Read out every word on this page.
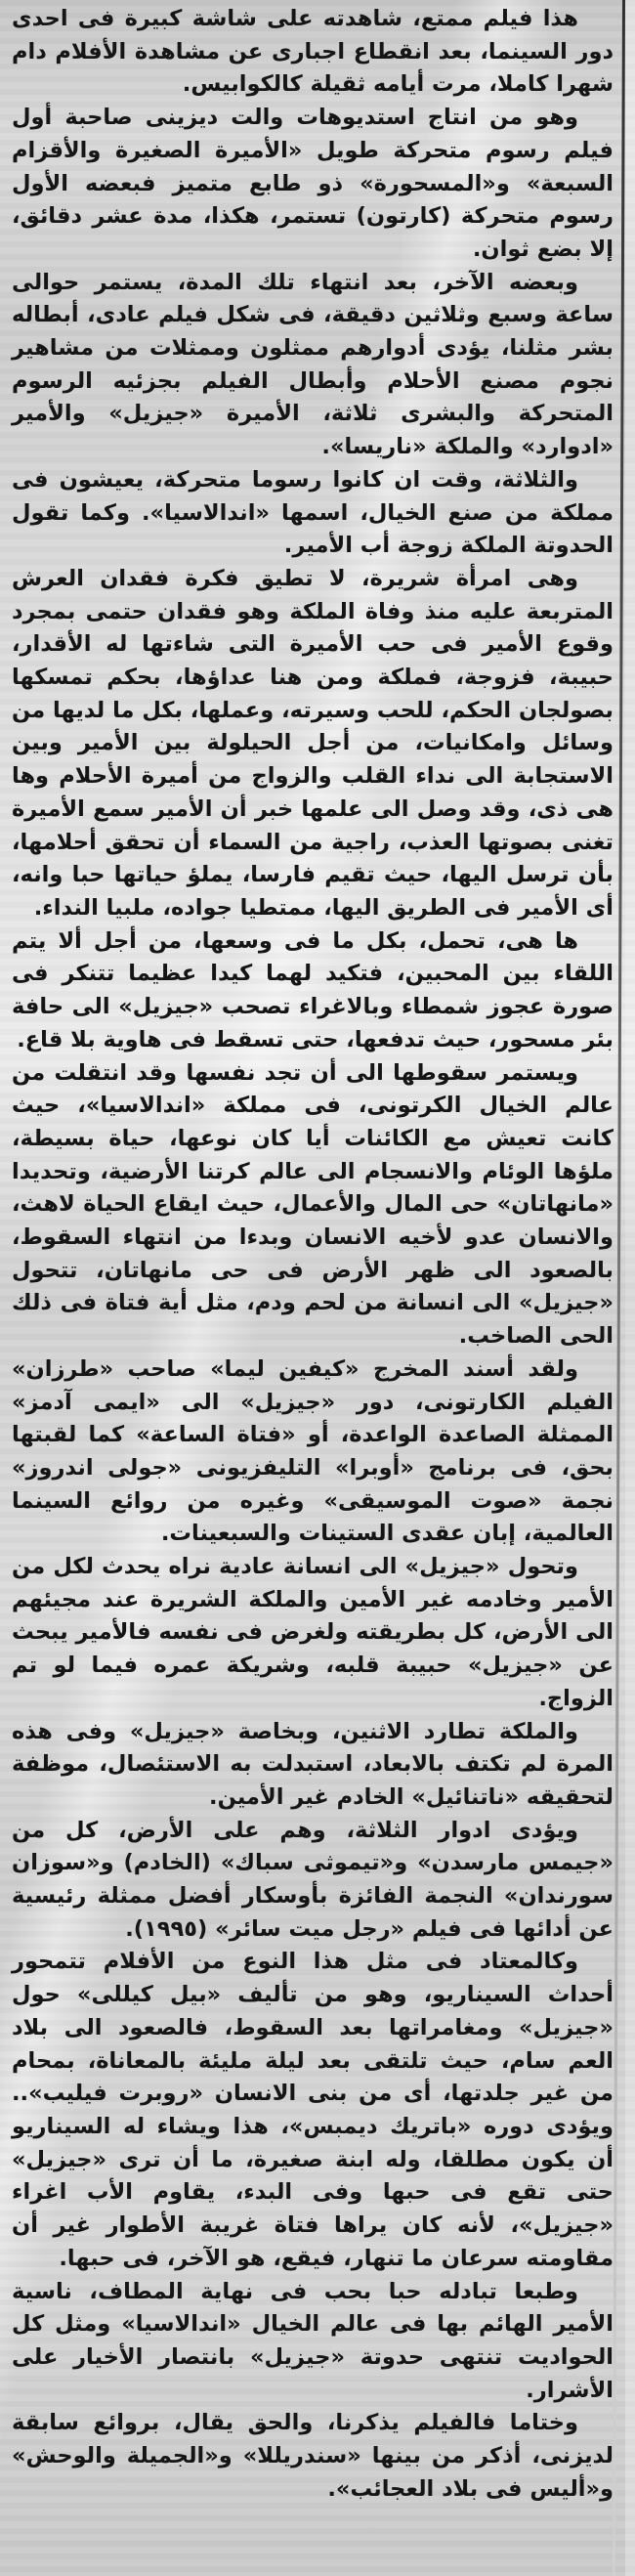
هذا فيلم ممتع، شاهدته على شاشة كبيرة فى احدى دور السينما، بعد انقطاع اجبارى عن مشاهدة الأفلام دام شهرا كاملا، مرت أيامه ثقيلة كالكوابيس.

وهو من انتاج استديوهات والت ديزينى صاحبة أول فيلم رسوم متحركة طويل «الأميرة الصغيرة والأقزام السبعة» و«المسحورة» ذو طابع متميز فبعضه الأول رسوم متحركة (كارتون) تستمر، هكذا، مدة عشر دقائق، إلا بضع ثوان.

وبعضه الآخر، بعد انتهاء تلك المدة، يستمر حوالى ساعة وسبع وثلاثين دقيقة، فى شكل فيلم عادى، أبطاله بشر مثلنا، يؤدى أدوارهم ممثلون وممثلات من مشاهير نجوم مصنع الأحلام وأبطال الفيلم بجزئيه الرسوم المتحركة والبشرى ثلاثة، الأميرة «جيزيل» والأمير «ادوارد» والملكة «ناريسا».

والثلاثة، وقت ان كانوا رسوما متحركة، يعيشون فى مملكة من صنع الخيال، اسمها «اندالاسيا». وكما تقول الحدوتة الملكة زوجة أب الأمير.

وهى امرأة شريرة، لا تطيق فكرة فقدان العرش المتربعة عليه منذ وفاة الملكة وهو فقدان حتمى بمجرد وقوع الأمير فى حب الأميرة التى شاءتها له الأقدار، حبيبة، فزوجة، فملكة ومن هنا عداؤها، بحكم تمسكها بصولجان الحكم، للحب وسيرته، وعملها، بكل ما لديها من وسائل وامكانيات، من أجل الحيلولة بين الأمير وبين الاستجابة الى نداء القلب والزواج من أميرة الأحلام وها هى ذى، وقد وصل الى علمها خبر أن الأمير سمع الأميرة تغنى بصوتها العذب، راجية من السماء أن تحقق أحلامها، بأن ترسل اليها، حيث تقيم فارسا، يملؤ حياتها حبا وانه، أى الأمير فى الطريق اليها، ممتطيا جواده، ملبيا النداء.

ها هى، تحمل، بكل ما فى وسعها، من أجل ألا يتم اللقاء بين المحبين، فتكيد لهما كيدا عظيما تتنكر فى صورة عجوز شمطاء وبالاغراء تصحب «جيزيل» الى حافة بئر مسحور، حيث تدفعها، حتى تسقط فى هاوية بلا قاع.

ويستمر سقوطها الى أن تجد نفسها وقد انتقلت من عالم الخيال الكرتونى، فى مملكة «اندالاسيا»، حيث كانت تعيش مع الكائنات أيا كان نوعها، حياة بسيطة، ملؤها الوئام والانسجام الى عالم كرتنا الأرضية، وتحديدا «مانهاتان» حى المال والأعمال، حيث ايقاع الحياة لاهث، والانسان عدو لأخيه الانسان وبدءا من انتهاء السقوط، بالصعود الى ظهر الأرض فى حى مانهاتان، تتحول «جيزيل» الى انسانة من لحم ودم، مثل أية فتاة فى ذلك الحى الصاخب.

ولقد أسند المخرج «كيفين ليما» صاحب «طرزان» الفيلم الكارتونى، دور «جيزيل» الى «ايمى آدمز» الممثلة الصاعدة الواعدة، أو «فتاة الساعة» كما لقبتها بحق، فى برنامج «أوبرا» التليفزيونى «جولى اندروز» نجمة «صوت الموسيقى» وغيره من روائع السينما العالمية، إبان عقدى الستينات والسبعينات.

وتحول «جيزيل» الى انسانة عادية نراه يحدث لكل من الأمير وخادمه غير الأمين والملكة الشريرة عند مجيئهم الى الأرض، كل بطريقته ولغرض فى نفسه فالأمير يبحث عن «جيزيل» حبيبة قلبه، وشريكة عمره فيما لو تم الزواج.

والملكة تطارد الاثنين، وبخاصة «جيزيل» وفى هذه المرة لم تكتف بالابعاد، استبدلت به الاستئصال، موظفة لتحقيقه «ناتنائيل» الخادم غير الأمين.

ويؤدى ادوار الثلاثة، وهم على الأرض، كل من «جيمس مارسدن» و«تيموثى سباك» (الخادم) و«سوزان سورندان» النجمة الفائزة بأوسكار أفضل ممثلة رئيسية عن أدائها فى فيلم «رجل ميت سائر» (١٩٩٥).

وكالمعتاد فى مثل هذا النوع من الأفلام تتمحور أحداث السيناريو، وهو من تأليف «بيل كيللى» حول «جيزيل» ومغامراتها بعد السقوط، فالصعود الى بلاد العم سام، حيث تلتقى بعد ليلة مليئة بالمعاناة، بمحام من غير جلدتها، أى من بنى الانسان «روبرت فيليب».. ويؤدى دوره «باتريك ديمبس»، هذا ويشاء له السيناريو أن يكون مطلقا، وله ابنة صغيرة، ما أن ترى «جيزيل» حتى تقع فى حبها وفى البدء، يقاوم الأب اغراء «جيزيل»، لأنه كان يراها فتاة غريبة الأطوار غير أن مقاومته سرعان ما تنهار، فيقع، هو الآخر، فى حبها.

وطبعا تبادله حبا بحب فى نهاية المطاف، ناسية الأمير الهائم بها فى عالم الخيال «اندالاسيا» ومثل كل الحواديت تنتهى حدوتة «جيزيل» بانتصار الأخيار على الأشرار.

وختاما فالفيلم يذكرنا، والحق يقال، بروائع سابقة لديزنى، أذكر من بينها «سندريللا» و«الجميلة والوحش» و«أليس فى بلاد العجائب».
